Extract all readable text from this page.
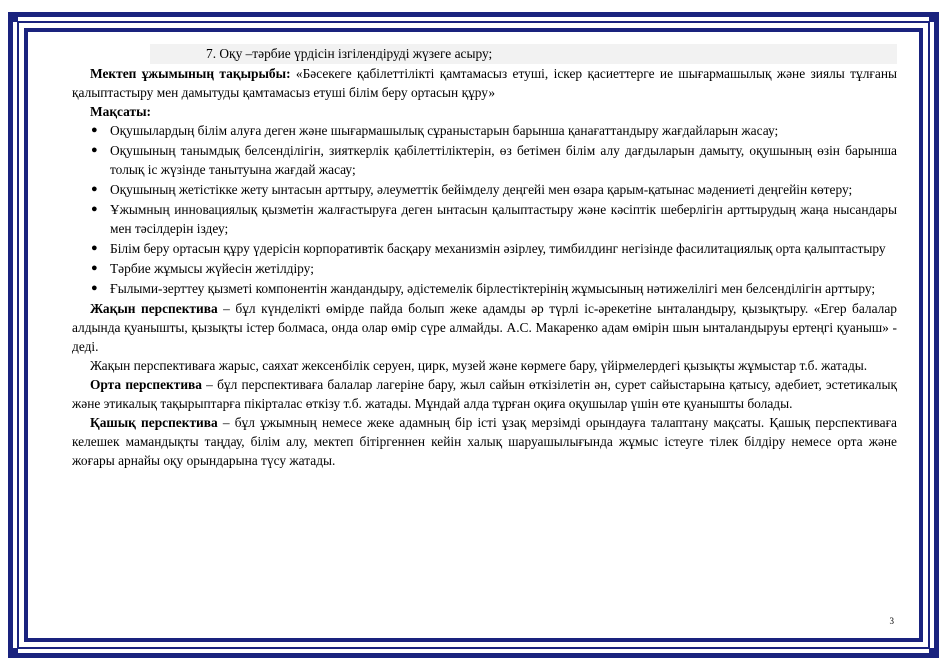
7. Оқу –тәрбие үрдісін ізгілендіруді жүзеге асыру;

Мектеп ұжымының тақырыбы: «Бәсекеге қабілеттілікті қамтамасыз етуші, іскер қасиеттерге ие шығармашылық және зиялы тұлғаны қалыптастыру мен дамытуды қамтамасыз етуші білім беру ортасын құру»

Мақсаты:
● Оқушылардың білім алуға деген және шығармашылық сұраныстарын барынша қанағаттандыру жағдайларын жасау;
● Оқушының танымдық белсенділігін, зияткерлік қабілеттіліктерін, өз бетімен білім алу дағдыларын дамыту, оқушының өзін барынша толық іс жүзінде танытуына жағдай жасау;
● Оқушының жетістікке жету ынтасын арттыру, әлеуметтік бейімделу деңгейі мен өзара қарым-қатынас мәдениеті деңгейін көтеру;
● Ұжымның инновациялық қызметін жалғастыруға деген ынтасын қалыптастыру және кәсіптік шеберлігін арттырудың жаңа нысандары мен тәсілдерін іздеу;
● Білім беру ортасын құру үдерісін корпоративтік басқару механизмін әзірлеу, тимбилдинг негізінде фасилитациялық орта қалыптастыру
● Тәрбие жұмысы жүйесін жетілдіру;
● Ғылыми-зерттеу қызметі компонентін жандандыру, әдістемелік бірлестіктерінің жұмысының нәтижелілігі мен белсенділігін арттыру;

Жақын перспектива – бұл күнделікті өмірде пайда болып жеке адамды әр түрлі іс-әрекетіне ынталандыру, қызықтыру. «Егер балалар алдында қуанышты, қызықты істер болмаса, онда олар өмір сүре алмайды. А.С. Макаренко адам өмірін шын ынталандыруы ертеңгі қуаныш» - деді.

Жақын перспективаға жарыс, саяхат жексенбілік серуен, цирк, музей және көрмеге бару, үйірмелердегі қызықты жұмыстар т.б. жатады.

Орта перспектива – бұл перспективаға балалар лагеріне бару, жыл сайын өткізілетін ән, сурет сайыстарына қатысу, әдебиет, эстетикалық және этикалық тақырыптарға пікірталас өткізу т.б. жатады. Мұндай алда тұрған оқиға оқушылар үшін өте қуанышты болады.

Қашық перспектива – бұл ұжымның немесе жеке адамның бір істі ұзақ мерзімді орындауға талаптану мақсаты. Қашық перспективаға келешек мамандықты таңдау, білім алу, мектеп бітіргеннен кейін халық шаруашылығында жұмыс істеуге тілек білдіру немесе орта және жоғары арнайы оқу орындарына түсу жатады.

3
